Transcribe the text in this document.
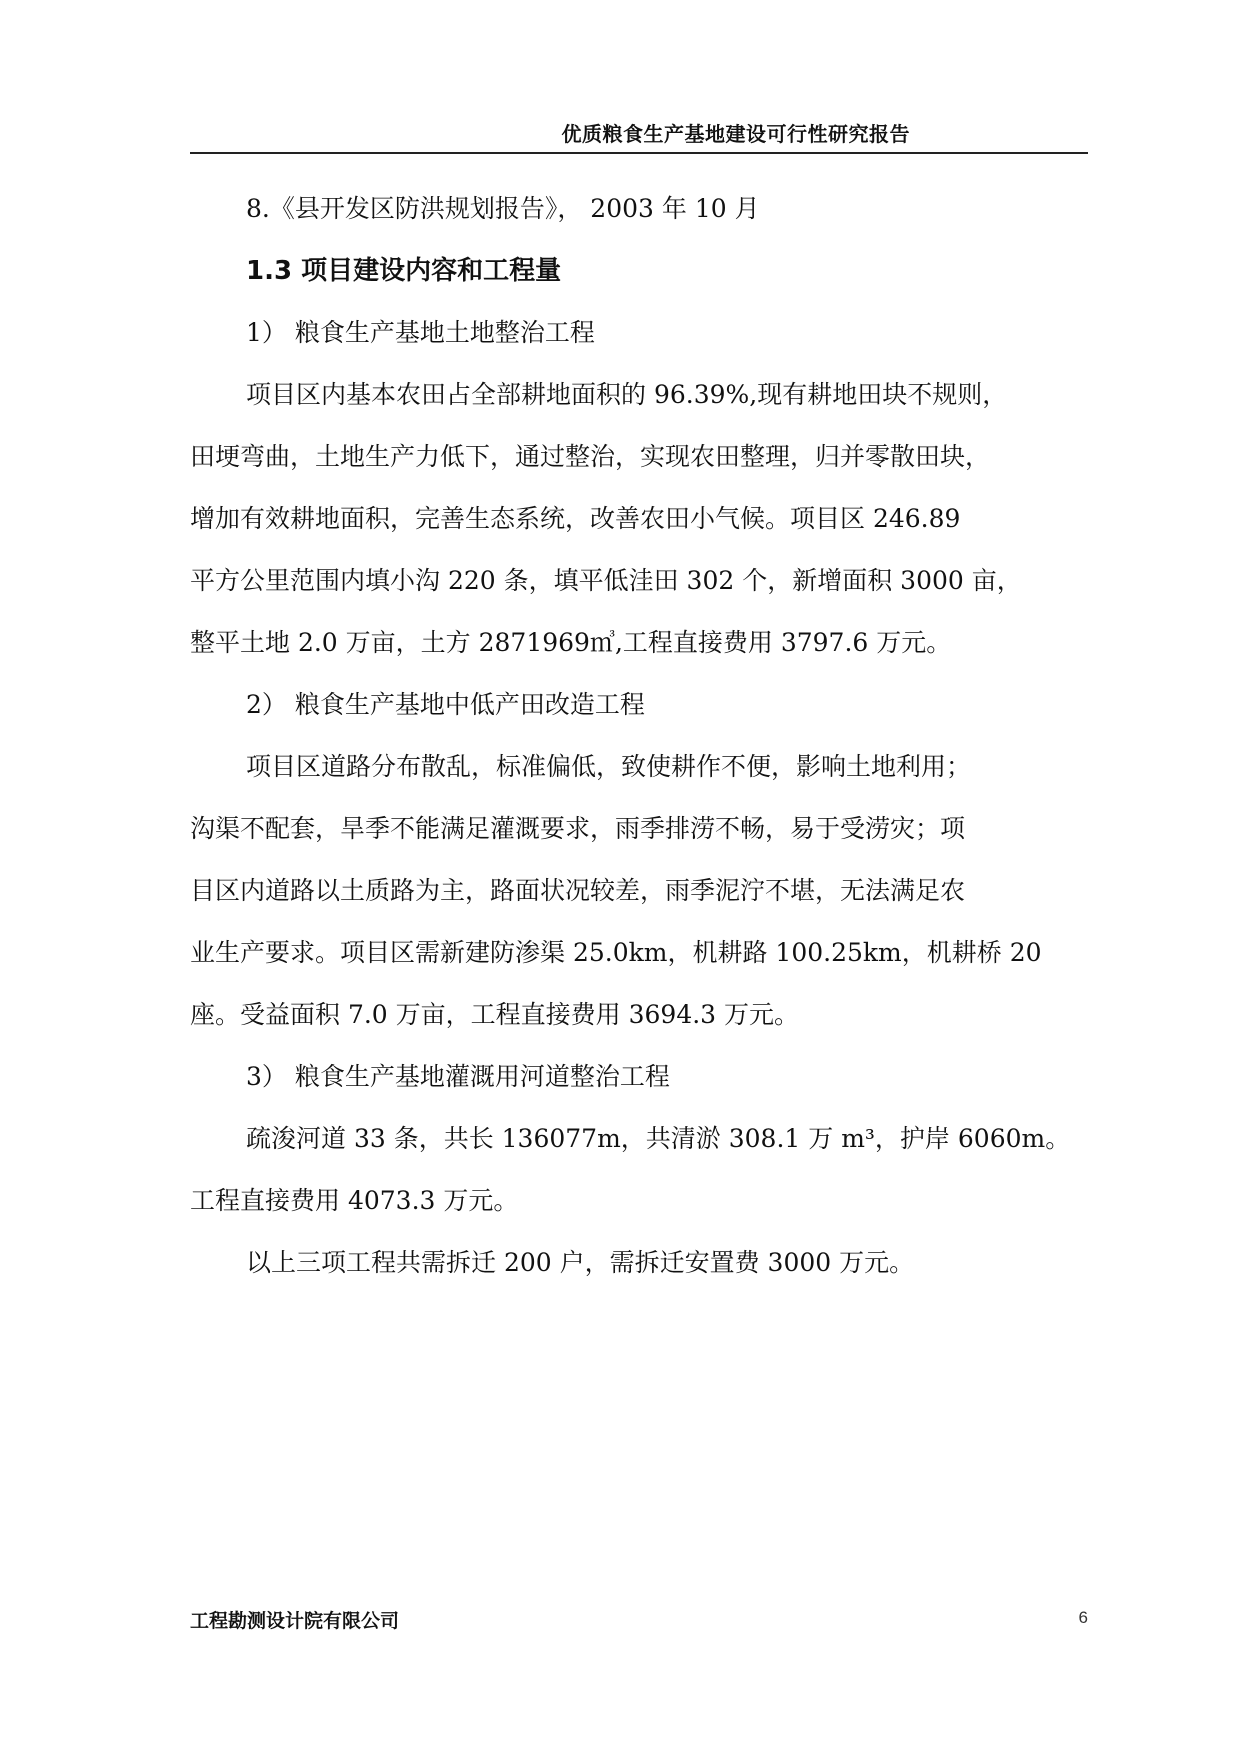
优质粮食生产基地建设可行性研究报告

8.《县开发区防洪规划报告》， 2003 年 10 月

1.3 项目建设内容和工程量

1） 粮食生产基地土地整治工程

项目区内基本农田占全部耕地面积的 96.39%,现有耕地田块不规则，

田埂弯曲，土地生产力低下，通过整治，实现农田整理，归并零散田块，

增加有效耕地面积，完善生态系统，改善农田小气候。项目区 246.89

平方公里范围内填小沟 220 条，填平低洼田 302 个，新增面积 3000 亩，

整平土地 2.0 万亩，土方 2871969㎥,工程直接费用 3797.6 万元。

2） 粮食生产基地中低产田改造工程

项目区道路分布散乱，标准偏低，致使耕作不便，影响土地利用；

沟渠不配套，旱季不能满足灌溉要求，雨季排涝不畅，易于受涝灾；项

目区内道路以土质路为主，路面状况较差，雨季泥泞不堪，无法满足农

业生产要求。项目区需新建防渗渠 25.0km，机耕路 100.25km，机耕桥 20

座。受益面积 7.0 万亩，工程直接费用 3694.3 万元。

3） 粮食生产基地灌溉用河道整治工程

疏浚河道 33 条，共长 136077m，共清淤 308.1 万 m³，护岸 6060m。

工程直接费用 4073.3 万元。

以上三项工程共需拆迁 200 户，需拆迁安置费 3000 万元。

工程勘测设计院有限公司	6
